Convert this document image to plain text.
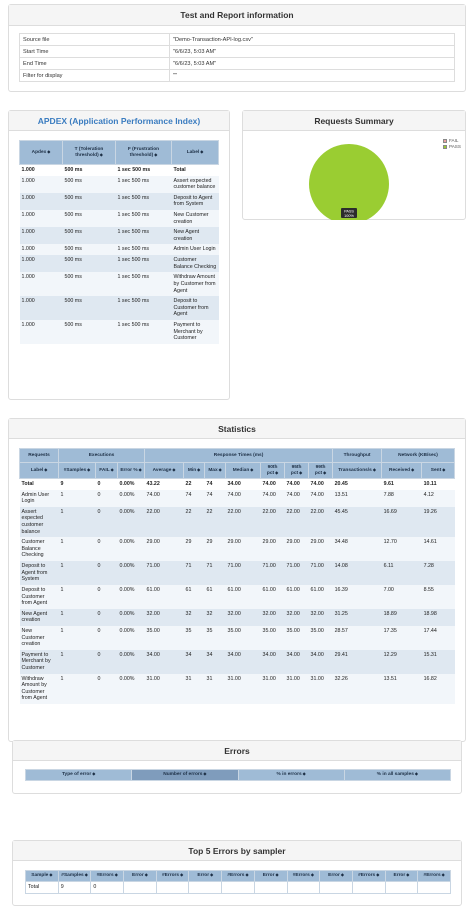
Test and Report information
Source file	"Demo-Transaction-API-log.csv"
Start Time	"6/6/23, 5:03 AM"
End Time	"6/6/23, 5:03 AM"
Filter for display	""
APDEX (Application Performance Index)
Apdex◆	T (Toleration threshold)◆	F (Frustration threshold)◆	Label◆
1.000	500 ms	1 sec 500 ms	Total
1.000	500 ms	1 sec 500 ms	Assert expected customer balance
1.000	500 ms	1 sec 500 ms	Deposit to Agent from System
1.000	500 ms	1 sec 500 ms	New Customer creation
1.000	500 ms	1 sec 500 ms	New Agent creation
1.000	500 ms	1 sec 500 ms	Admin User Login
1.000	500 ms	1 sec 500 ms	Customer Balance Checking
1.000	500 ms	1 sec 500 ms	Withdraw Amount by Customer from Agent
1.000	500 ms	1 sec 500 ms	Deposit to Customer from Agent
1.000	500 ms	1 sec 500 ms	Payment to Merchant by Customer
Requests Summary
PASS
100%
FAIL
PASS
Statistics
Requests	Executions			Response Times (ms)							Throughput	Network (KB/sec)	
Label◆	#Samples◆	FAIL◆	Error %◆	Average◆	Min◆	Max◆	Median◆	90th pct◆	95th pct◆	99th pct◆	Transactions/s◆	Received◆	Sent◆
Total	9	0	0.00%	43.22	22	74	34.00	74.00	74.00	74.00	20.45	9.61	10.11
Admin User Login	1	0	0.00%	74.00	74	74	74.00	74.00	74.00	74.00	13.51	7.88	4.12
Assert expected customer balance	1	0	0.00%	22.00	22	22	22.00	22.00	22.00	22.00	45.45	16.69	19.26
Customer Balance Checking	1	0	0.00%	29.00	29	29	29.00	29.00	29.00	29.00	34.48	12.70	14.61
Deposit to Agent from System	1	0	0.00%	71.00	71	71	71.00	71.00	71.00	71.00	14.08	6.11	7.28
Deposit to Customer from Agent	1	0	0.00%	61.00	61	61	61.00	61.00	61.00	61.00	16.39	7.00	8.55
New Agent creation	1	0	0.00%	32.00	32	32	32.00	32.00	32.00	32.00	31.25	18.89	18.98
New Customer creation	1	0	0.00%	35.00	35	35	35.00	35.00	35.00	35.00	28.57	17.35	17.44
Payment to Merchant by Customer	1	0	0.00%	34.00	34	34	34.00	34.00	34.00	34.00	29.41	12.29	15.31
Withdraw Amount by Customer from Agent	1	0	0.00%	31.00	31	31	31.00	31.00	31.00	31.00	32.26	13.51	16.82
Errors
Type of error◆	Number of errors◆	% in errors◆	% in all samples◆
Top 5 Errors by sampler
Sample◆	#Samples◆	#Errors◆	Error◆	#Errors◆	Error◆	#Errors◆	Error◆	#Errors◆	Error◆	#Errors◆	Error◆	#Errors◆
Total	9	0										
